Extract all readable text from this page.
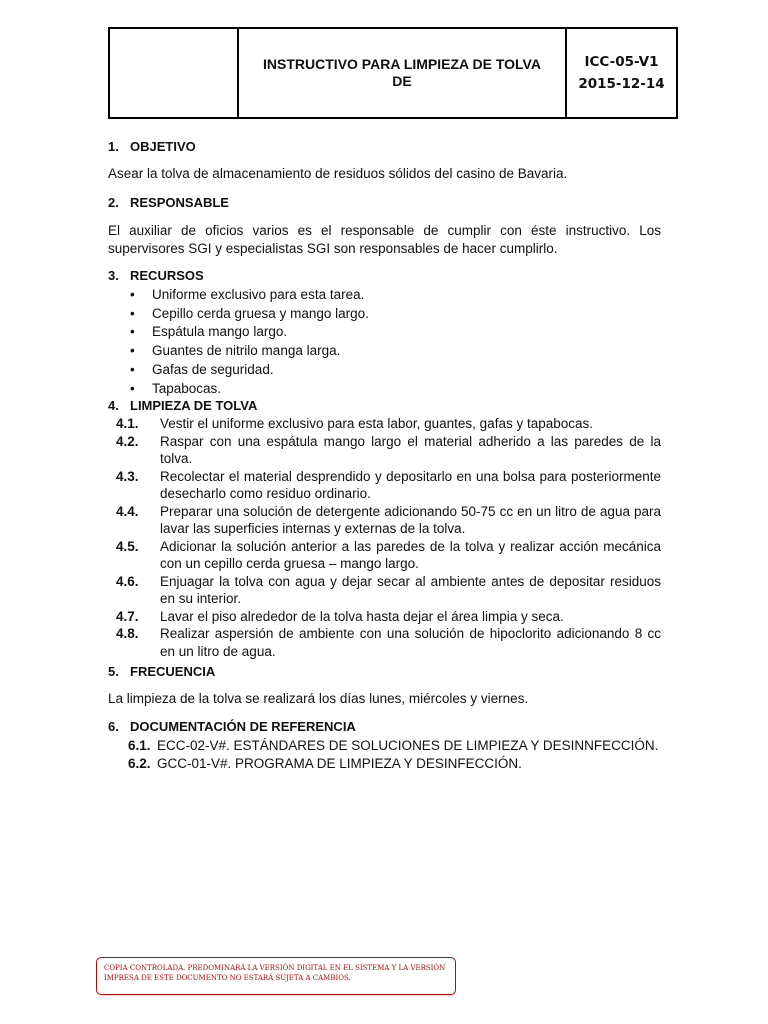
INSTRUCTIVO PARA LIMPIEZA DE TOLVA DE
ICC-05-V1
2015-12-14
1. OBJETIVO
Asear la tolva de almacenamiento de residuos sólidos del casino de Bavaria.
2. RESPONSABLE
El auxiliar de oficios varios es el responsable de cumplir con éste instructivo. Los supervisores SGI y especialistas SGI son responsables de hacer cumplirlo.
3. RECURSOS
• Uniforme exclusivo para esta tarea.
• Cepillo cerda gruesa y mango largo.
• Espátula mango largo.
• Guantes de nitrilo manga larga.
• Gafas de seguridad.
• Tapabocas.
4. LIMPIEZA DE TOLVA
4.1.	Vestir el uniforme exclusivo para esta labor, guantes, gafas y tapabocas.
4.2.	Raspar con una espátula mango largo el material adherido a las paredes de la tolva.
4.3.	Recolectar el material desprendido y depositarlo en una bolsa para posteriormente desecharlo como residuo ordinario.
4.4.	Preparar una solución de detergente adicionando 50-75 cc en un litro de agua para lavar las superficies internas y externas de la tolva.
4.5.	Adicionar la solución anterior a las paredes de la tolva y realizar acción mecánica con un cepillo cerda gruesa – mango largo.
4.6.	Enjuagar la tolva con agua y dejar secar al ambiente antes de depositar residuos en su interior.
4.7.	Lavar el piso alrededor de la tolva hasta dejar el área limpia y seca.
4.8.	Realizar aspersión de ambiente con una solución de hipoclorito adicionando 8 cc en un litro de agua.
5. FRECUENCIA
La limpieza de la tolva se realizará los días lunes, miércoles y viernes.
6. DOCUMENTACIÓN DE REFERENCIA
6.1. ECC-02-V#. ESTÁNDARES DE SOLUCIONES DE LIMPIEZA Y DESINNFECCIÓN.
6.2. GCC-01-V#. PROGRAMA DE LIMPIEZA Y DESINFECCIÓN.
COPIA CONTROLADA. PREDOMINARÁ LA VERSIÓN DIGITAL EN EL SISTEMA Y LA VERSIÓN IMPRESA DE ESTE DOCUMENTO NO ESTARÁ SUJETA A CAMBIOS.
